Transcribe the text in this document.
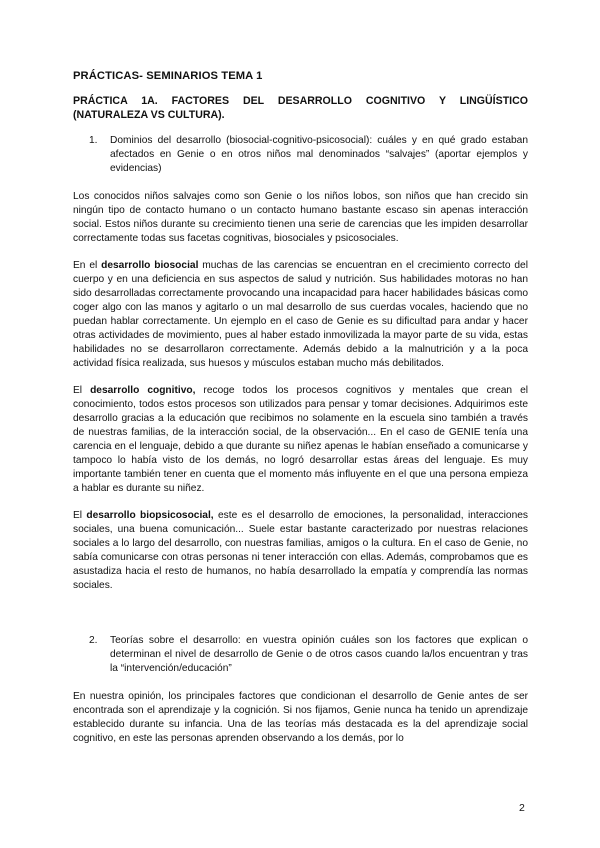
PRÁCTICAS- SEMINARIOS TEMA 1
PRÁCTICA 1A. FACTORES DEL DESARROLLO COGNITIVO Y LINGÜÍSTICO (NATURALEZA VS CULTURA).
1.	Dominios del desarrollo (biosocial-cognitivo-psicosocial): cuáles y en qué grado estaban afectados en Genie o en otros niños mal denominados “salvajes” (aportar ejemplos y evidencias)

Los conocidos niños salvajes como son Genie o los niños lobos, son niños que han crecido sin ningún tipo de contacto humano o un contacto humano bastante escaso sin apenas interacción social. Estos niños durante su crecimiento tienen una serie de carencias que les impiden desarrollar correctamente todas sus facetas cognitivas, biosociales y psicosociales.

En el desarrollo biosocial muchas de las carencias se encuentran en el crecimiento correcto del cuerpo y en una deficiencia en sus aspectos de salud y nutrición. Sus habilidades motoras no han sido desarrolladas correctamente provocando una incapacidad para hacer habilidades básicas como coger algo con las manos y agitarlo o un mal desarrollo de sus cuerdas vocales, haciendo que no puedan hablar correctamente. Un ejemplo en el caso de Genie es su dificultad para andar y hacer otras actividades de movimiento, pues al haber estado inmovilizada la mayor parte de su vida, estas habilidades no se desarrollaron correctamente. Además debido a la malnutrición y a la poca actividad física realizada, sus huesos y músculos estaban mucho más debilitados.

El desarrollo cognitivo, recoge todos los procesos cognitivos y mentales que crean el conocimiento, todos estos procesos son utilizados para pensar y tomar decisiones. Adquirimos este desarrollo gracias a la educación que recibimos no solamente en la escuela sino también a través de nuestras familias, de la interacción social, de la observación... En el caso de GENIE tenía una carencia en el lenguaje, debido a que durante su niñez apenas le habían enseñado a comunicarse y tampoco lo había visto de los demás, no logró desarrollar estas áreas del lenguaje. Es muy importante también tener en cuenta que el momento más influyente en el que una persona empieza a hablar es durante su niñez.

El desarrollo biopsicosocial, este es el desarrollo de emociones, la personalidad, interacciones sociales, una buena comunicación... Suele estar bastante caracterizado por nuestras relaciones sociales a lo largo del desarrollo, con nuestras familias, amigos o la cultura. En el caso de Genie, no sabía comunicarse con otras personas ni tener interacción con ellas. Además, comprobamos que es asustadiza hacia el resto de humanos, no había desarrollado la empatía y comprendía las normas sociales.

2.	Teorías sobre el desarrollo: en vuestra opinión cuáles son los factores que explican o determinan el nivel de desarrollo de Genie o de otros casos cuando la/los encuentran y tras la “intervención/educación”

En nuestra opinión, los principales factores que condicionan el desarrollo de Genie antes de ser encontrada son el aprendizaje y la cognición. Si nos fijamos, Genie nunca ha tenido un aprendizaje establecido durante su infancia. Una de las teorías más destacada es la del aprendizaje social cognitivo, en este las personas aprenden observando a los demás, por lo

2
